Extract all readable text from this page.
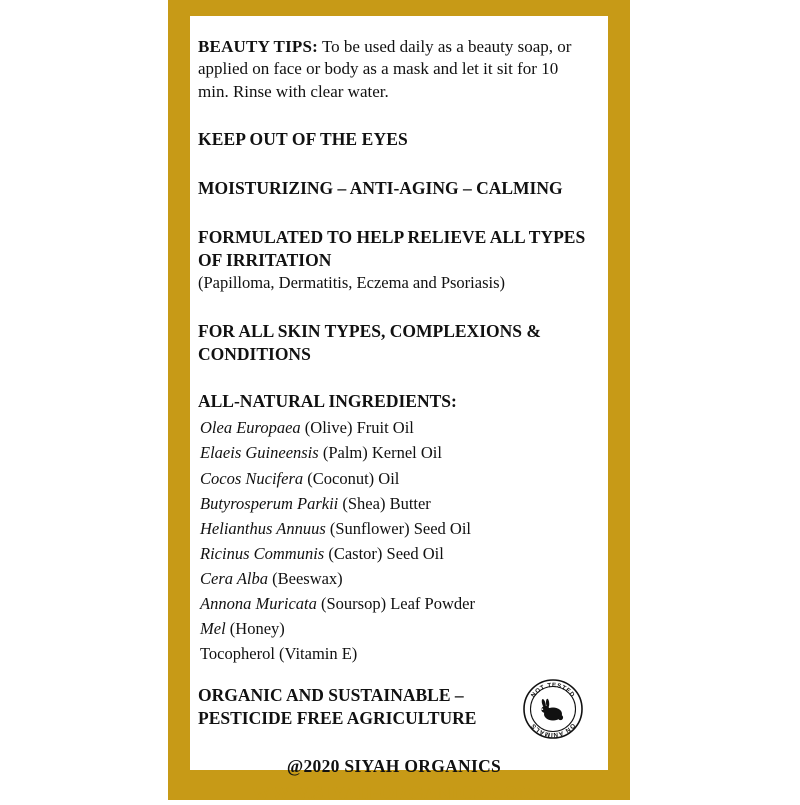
BEAUTY TIPS: To be used daily as a beauty soap, or applied on face or body as a mask and let it sit for 10 min. Rinse with clear water.
KEEP OUT OF THE EYES
MOISTURIZING – ANTI-AGING – CALMING
FORMULATED TO HELP RELIEVE ALL TYPES OF IRRITATION
(Papilloma, Dermatitis, Eczema and Psoriasis)
FOR ALL SKIN TYPES, COMPLEXIONS & CONDITIONS
ALL-NATURAL INGREDIENTS:
Olea Europaea (Olive) Fruit Oil
Elaeis Guineensis (Palm) Kernel Oil
Cocos Nucifera (Coconut) Oil
Butyrosperum Parkii (Shea) Butter
Helianthus Annuus (Sunflower) Seed Oil
Ricinus Communis (Castor) Seed Oil
Cera Alba (Beeswax)
Annona Muricata (Soursop) Leaf Powder
Mel (Honey)
Tocopherol (Vitamin E)
ORGANIC AND SUSTAINABLE – PESTICIDE FREE AGRICULTURE
NOT TESTED
ON ANIMALS
@2020 SIYAH ORGANICS
WWW.SIYAH-ORGANICS.COM
